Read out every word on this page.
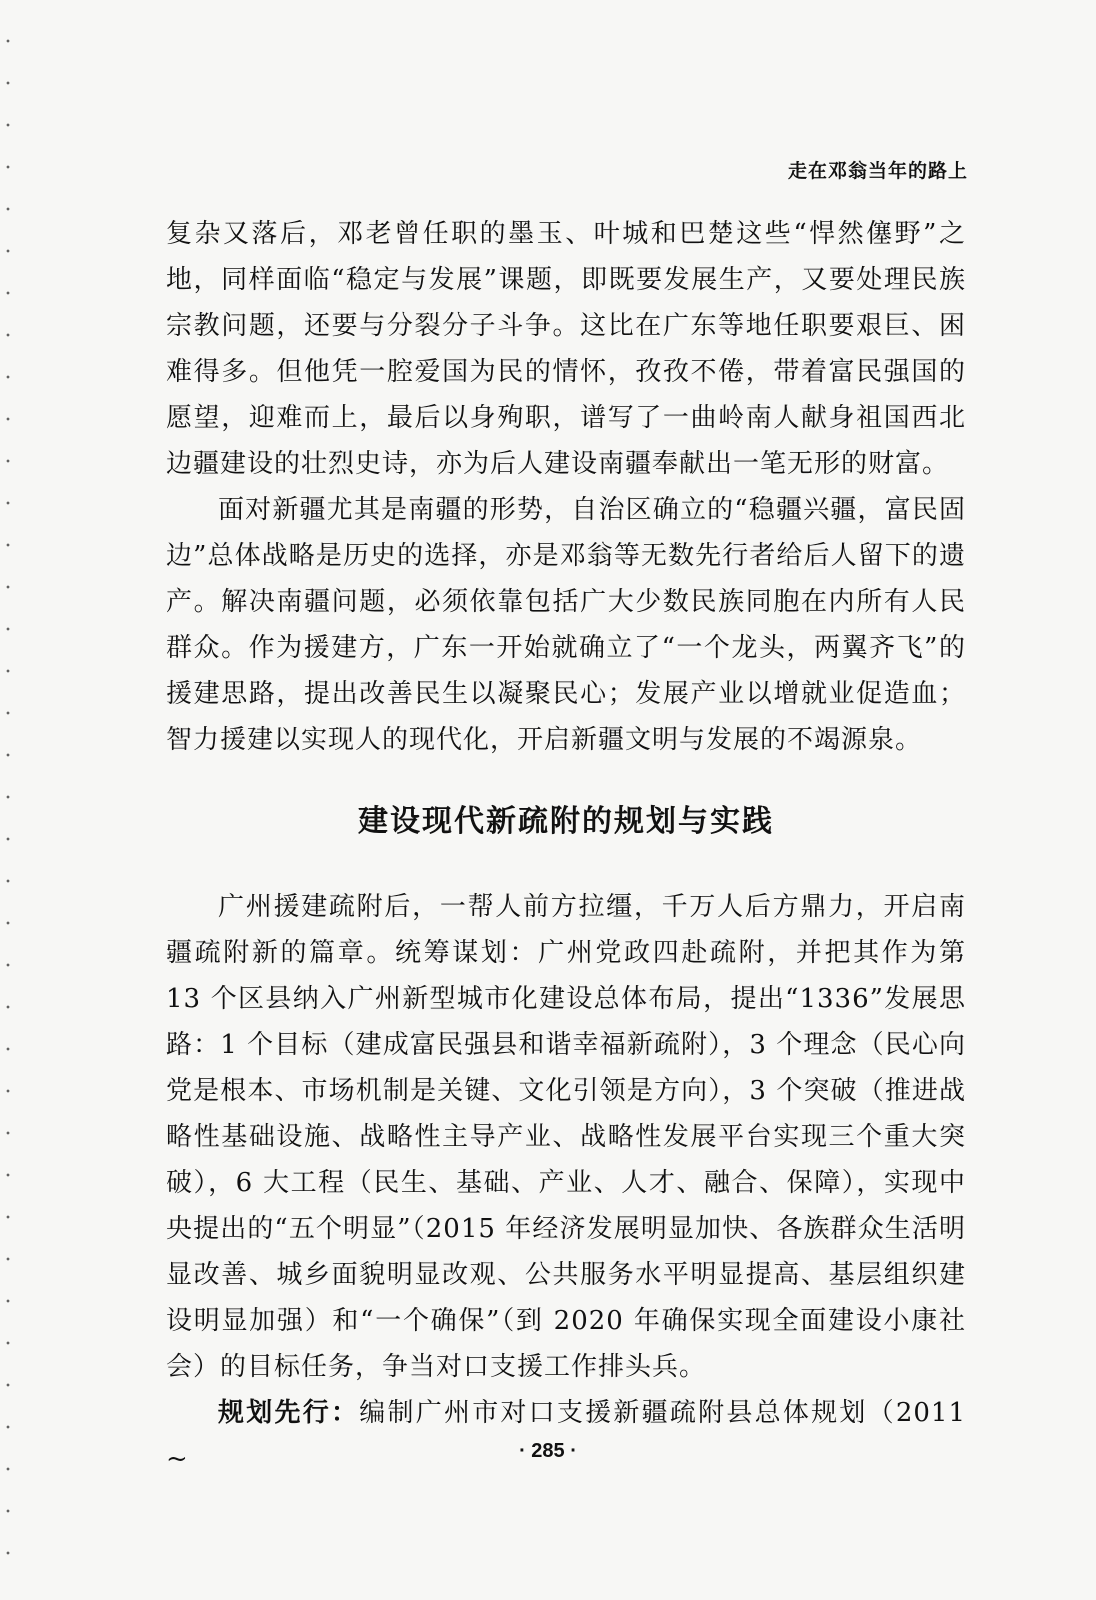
走在邓翁当年的路上

复杂又落后，邓老曾任职的墨玉、叶城和巴楚这些“悍然僿野”之地，同样面临“稳定与发展”课题，即既要发展生产，又要处理民族宗教问题，还要与分裂分子斗争。这比在广东等地任职要艰巨、困难得多。但他凭一腔爱国为民的情怀，孜孜不倦，带着富民强国的愿望，迎难而上，最后以身殉职，谱写了一曲岭南人献身祖国西北边疆建设的壮烈史诗，亦为后人建设南疆奉献出一笔无形的财富。

面对新疆尤其是南疆的形势，自治区确立的“稳疆兴疆，富民固边”总体战略是历史的选择，亦是邓翁等无数先行者给后人留下的遗产。解决南疆问题，必须依靠包括广大少数民族同胞在内所有人民群众。作为援建方，广东一开始就确立了“一个龙头，两翼齐飞”的援建思路，提出改善民生以凝聚民心；发展产业以增就业促造血；智力援建以实现人的现代化，开启新疆文明与发展的不竭源泉。

建设现代新疏附的规划与实践

广州援建疏附后，一帮人前方拉缰，千万人后方鼎力，开启南疆疏附新的篇章。统筹谋划：广州党政四赴疏附，并把其作为第 13 个区县纳入广州新型城市化建设总体布局，提出“1336”发展思路：1 个目标（建成富民强县和谐幸福新疏附），3 个理念（民心向党是根本、市场机制是关键、文化引领是方向），3 个突破（推进战略性基础设施、战略性主导产业、战略性发展平台实现三个重大突破），6 大工程（民生、基础、产业、人才、融合、保障），实现中央提出的“五个明显”（2015 年经济发展明显加快、各族群众生活明显改善、城乡面貌明显改观、公共服务水平明显提高、基层组织建设明显加强）和“一个确保”（到 2020 年确保实现全面建设小康社会）的目标任务，争当对口支援工作排头兵。

规划先行：编制广州市对口支援新疆疏附县总体规划（2011 ~	· 285 ·
